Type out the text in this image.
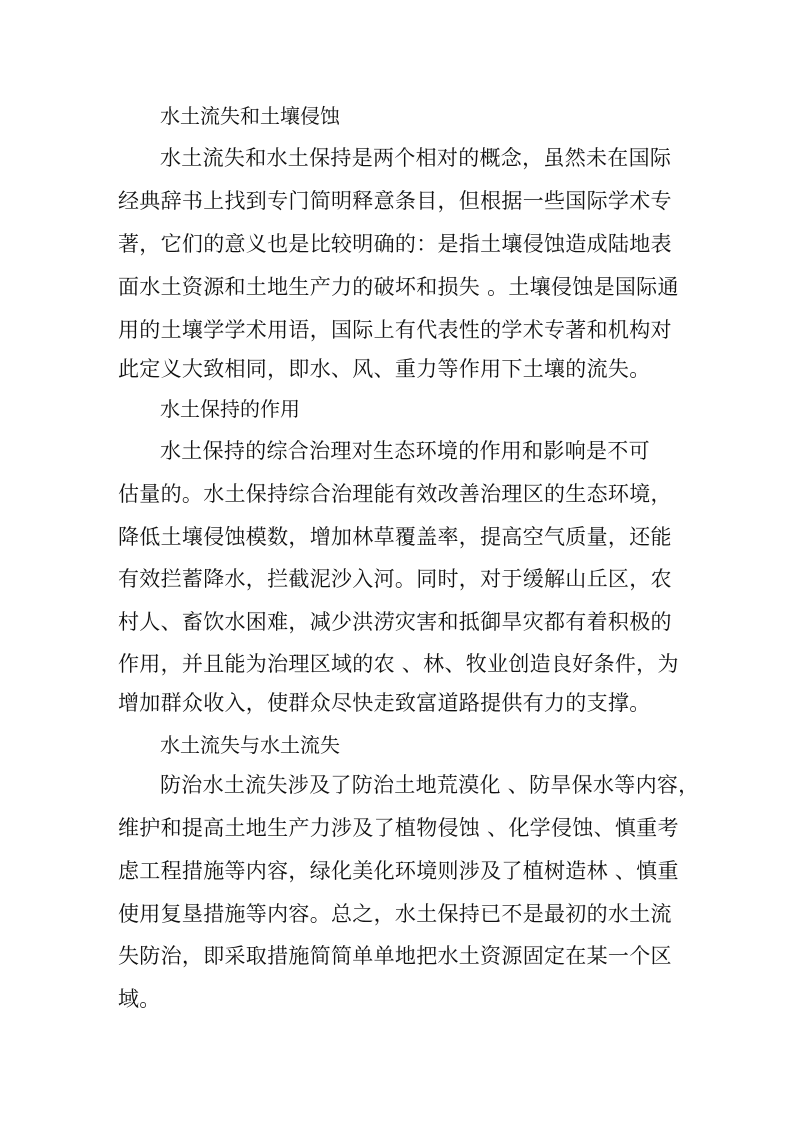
水土流失和土壤侵蚀

水土流失和水土保持是两个相对的概念，虽然未在国际

经典辞书上找到专门简明释意条目，但根据一些国际学术专

著，它们的意义也是比较明确的：是指土壤侵蚀造成陆地表

面水土资源和土地生产力的破坏和损失 。土壤侵蚀是国际通

用的土壤学学术用语，国际上有代表性的学术专著和机构对

此定义大致相同，即水、风、重力等作用下土壤的流失。

水土保持的作用

水土保持的综合治理对生态环境的作用和影响是不可

估量的。水土保持综合治理能有效改善治理区的生态环境，

降低土壤侵蚀模数，增加林草覆盖率，提高空气质量，还能

有效拦蓄降水，拦截泥沙入河。同时，对于缓解山丘区，农

村人、畜饮水困难，减少洪涝灾害和抵御旱灾都有着积极的

作用，并且能为治理区域的农 、林、牧业创造良好条件，为

增加群众收入，使群众尽快走致富道路提供有力的支撑。

水土流失与水土流失

防治水土流失涉及了防治土地荒漠化 、防旱保水等内容，

维护和提高土地生产力涉及了植物侵蚀 、化学侵蚀、慎重考

虑工程措施等内容，绿化美化环境则涉及了植树造林 、慎重

使用复垦措施等内容。总之，水土保持已不是最初的水土流

失防治，即采取措施简简单单地把水土资源固定在某一个区

域。
